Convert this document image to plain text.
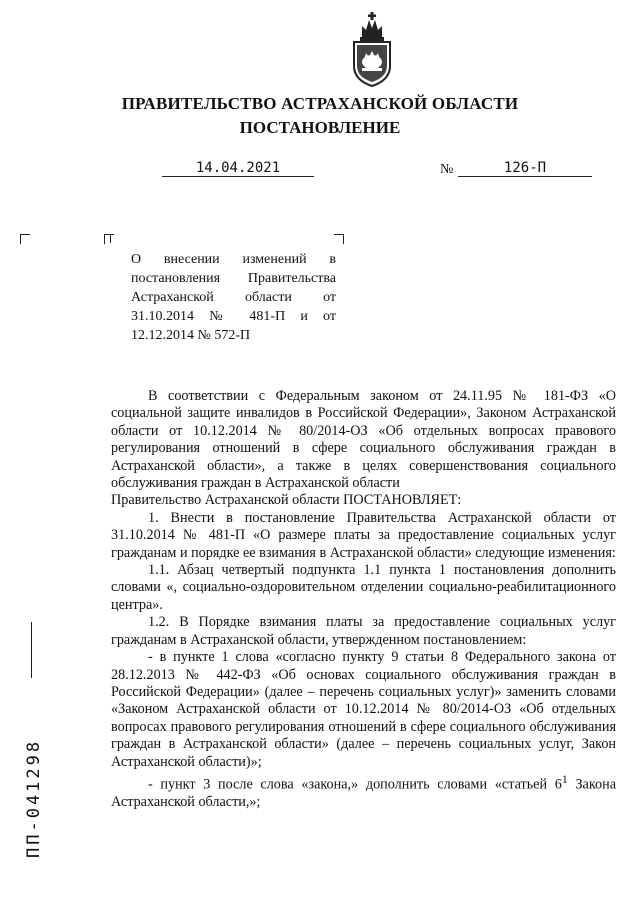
ПРАВИТЕЛЬСТВО АСТРАХАНСКОЙ ОБЛАСТИ
ПОСТАНОВЛЕНИЕ
14.04.2021	№	126-П
О внесении изменений в постановления Правительства Астраханской области от 31.10.2014 № 481-П и от 12.12.2014 № 572-П

В соответствии с Федеральным законом от 24.11.95 № 181-ФЗ «О социальной защите инвалидов в Российской Федерации», Законом Астраханской области от 10.12.2014 № 80/2014-ОЗ «Об отдельных вопросах правового регулирования отношений в сфере социального обслуживания граждан в Астраханской области», а также в целях совершенствования социального обслуживания граждан в Астраханской области

Правительство Астраханской области ПОСТАНОВЛЯЕТ:

1. Внести в постановление Правительства Астраханской области от 31.10.2014 № 481-П «О размере платы за предоставление социальных услуг гражданам и порядке ее взимания в Астраханской области» следующие изменения:

1.1. Абзац четвертый подпункта 1.1 пункта 1 постановления дополнить словами «, социально-оздоровительном отделении социально-реабилитационного центра».

1.2. В Порядке взимания платы за предоставление социальных услуг гражданам в Астраханской области, утвержденном постановлением:

- в пункте 1 слова «согласно пункту 9 статьи 8 Федерального закона от 28.12.2013 № 442-ФЗ «Об основах социального обслуживания граждан в Российской Федерации» (далее – перечень социальных услуг)» заменить словами «Законом Астраханской области от 10.12.2014 № 80/2014-ОЗ «Об отдельных вопросах правового регулирования отношений в сфере социального обслуживания граждан в Астраханской области» (далее – перечень социальных услуг, Закон Астраханской области)»;

- пункт 3 после слова «закона,» дополнить словами «статьей $6^1$ Закона Астраханской области,»;

ПП-041298
